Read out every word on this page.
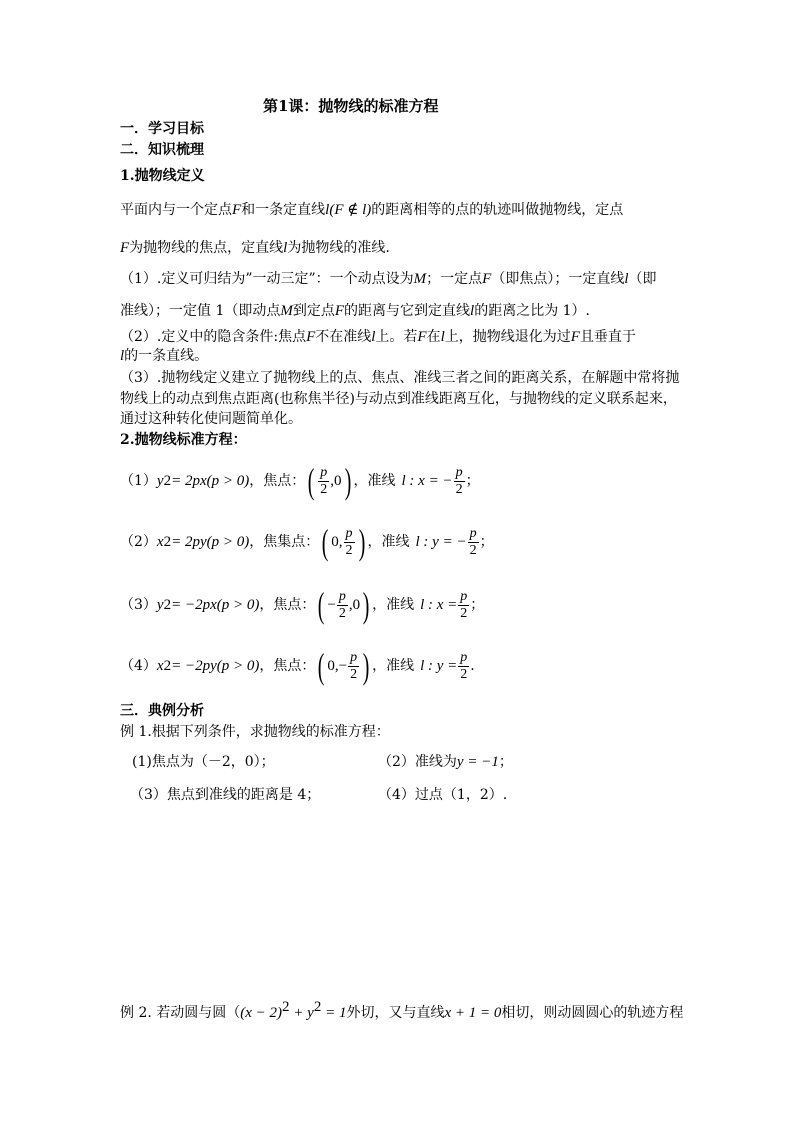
第1课：抛物线的标准方程
一．学习目标
二．知识梳理
1.抛物线定义
平面内与一个定点F和一条定直线l(F ∉ l)的距离相等的点的轨迹叫做抛物线，定点
F为抛物线的焦点，定直线l为抛物线的准线.
（1）.定义可归结为”一动三定”：一个动点设为M；一定点F（即焦点）；一定直线l（即
准线）；一定值 1（即动点M到定点F的距离与它到定直线l的距离之比为 1）.
（2）.定义中的隐含条件:焦点F不在准线l上。若F在l上，抛物线退化为过F且垂直于
l的一条直线。
（3）.抛物线定义建立了抛物线上的点、焦点、准线三者之间的距离关系，在解题中常将抛
物线上的动点到焦点距离(也称焦半径)与动点到准线距离互化，与抛物线的定义联系起来，
通过这种转化使问题简单化。
2.抛物线标准方程：
（1） y 2 = 2px(p > 0) ， 焦点： ( $\frac{p}{2}$ , 0 ) ，准线 l : x = − $\frac{p}{2}$ ；
（2） x 2 = 2py(p > 0) ， 焦集点： ( 0 , $\frac{p}{2}$ ) ，准线 l : y = − $\frac{p}{2}$ ；
（3） y 2 = −2px(p > 0) ， 焦点： ( − $\frac{p}{2}$ , 0 ) ，准线 l : $x = \frac{p}{2}$ ；
（4） x 2 = −2py(p > 0) ， 焦点： ( 0 , − $\frac{p}{2}$ ) ，准线 l : $y = \frac{p}{2}$ .
三．典例分析
例 1.根据下列条件，求抛物线的标准方程：
(1)焦点为（－2，0）；	（2）准线为y = −1；
（3）焦点到准线的距离是 4；	（4）过点（1，2）.
例 2. 若动圆与圆（$(x - 2)^2 + y^2 = 1$外切，又与直线x + 1 = 0相切，则动圆圆心的轨迹方程
